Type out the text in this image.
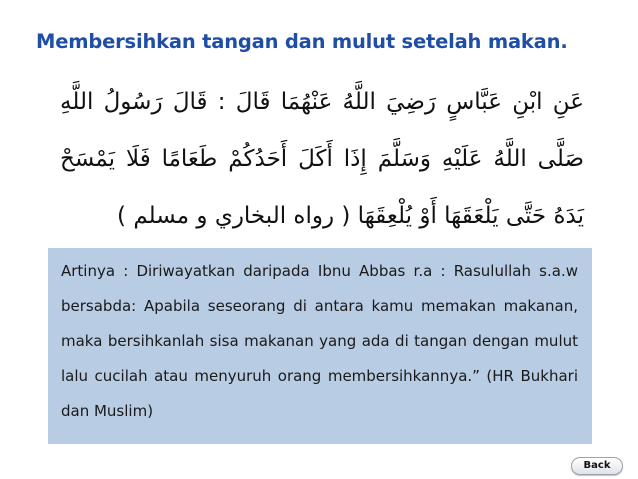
Membersihkan tangan dan mulut setelah makan.
عَنِ ابْنِ عَبَّاسٍ رَضِيَ اللَّهُ عَنْهُمَا قَالَ : قَالَ رَسُولُ اللَّهِ صَلَّى اللَّهُ عَلَيْهِ وَسَلَّمَ إِذَا أَكَلَ أَحَدُكُمْ طَعَامًا فَلَا يَمْسَحْ يَدَهُ حَتَّى يَلْعَقَهَا أَوْ يُلْعِقَهَا ( رواه البخاري و مسلم )

Artinya : Diriwayatkan daripada Ibnu Abbas r.a : Rasulullah s.a.w bersabda: Apabila seseorang di antara kamu memakan makanan, maka bersihkanlah sisa makanan yang ada di tangan dengan mulut lalu cucilah atau menyuruh orang membersihkannya.” (HR Bukhari dan Muslim)

Back
